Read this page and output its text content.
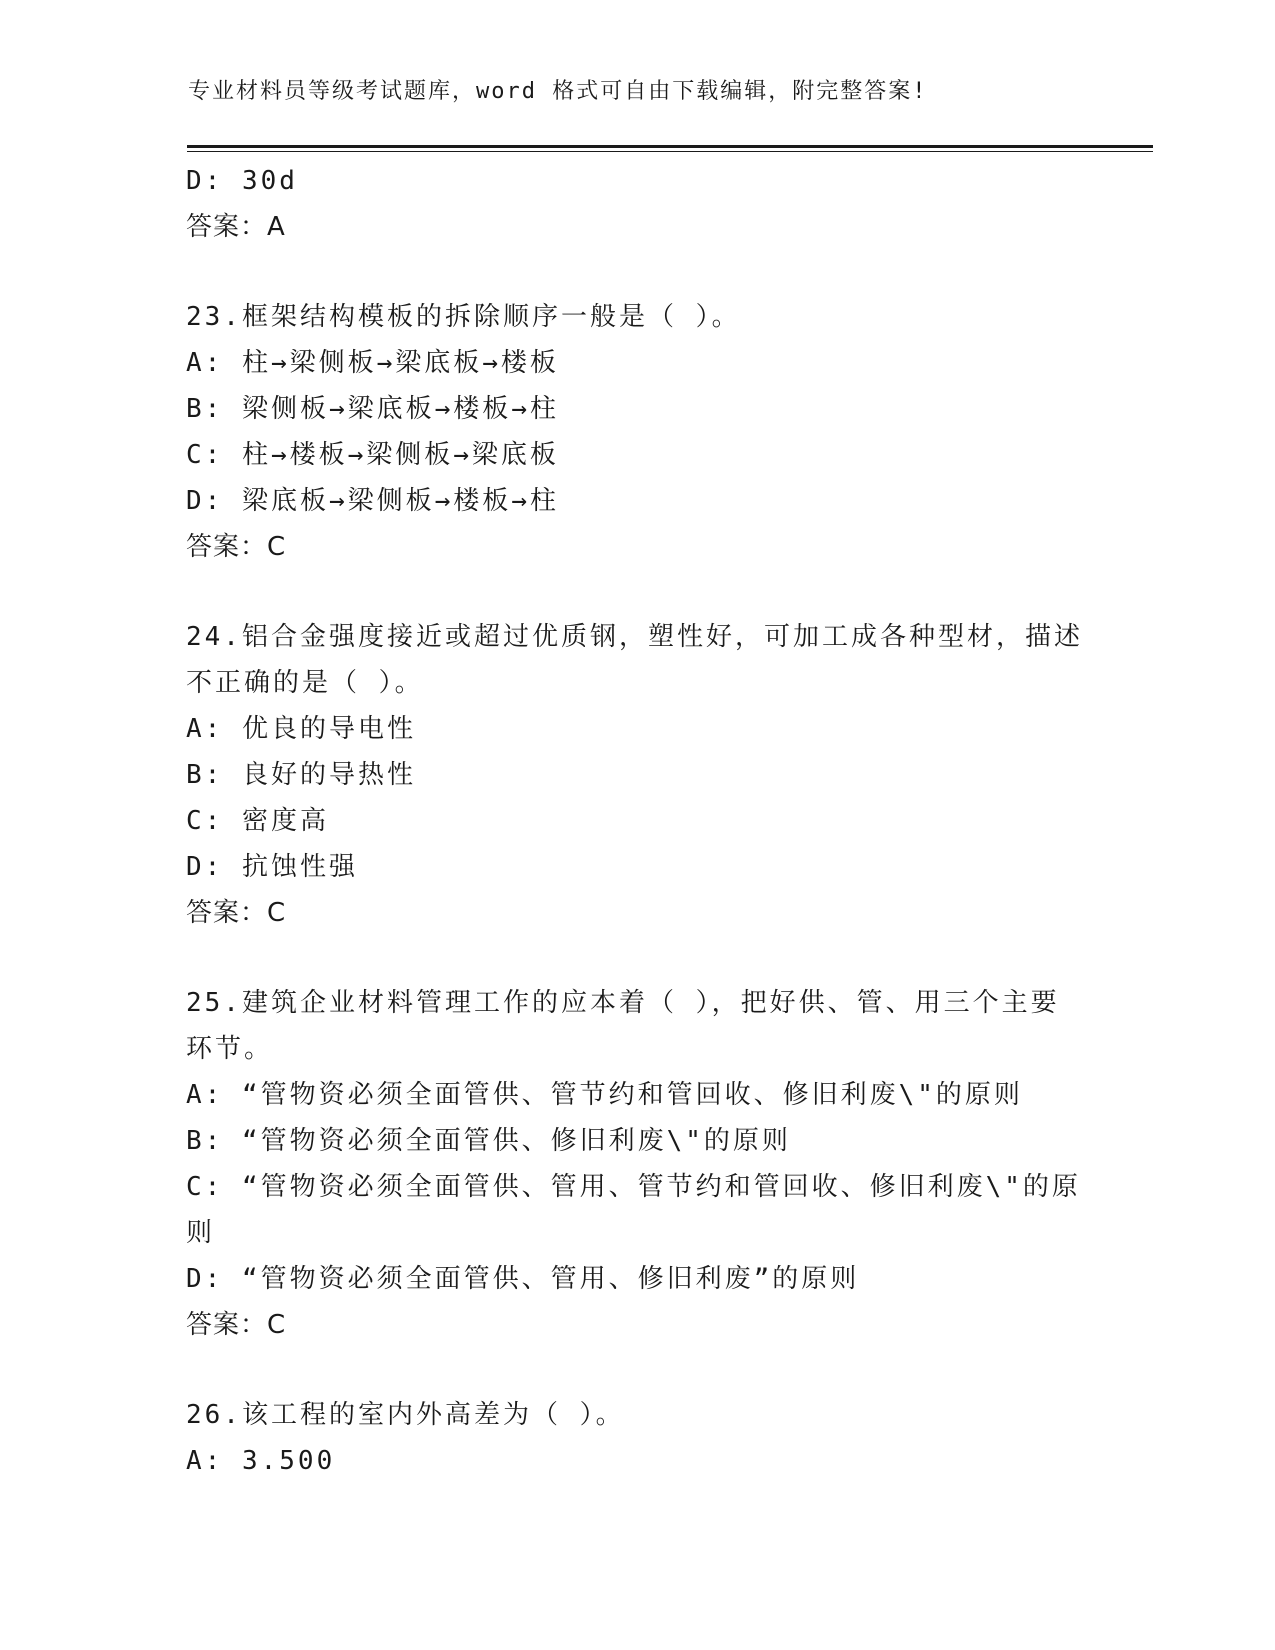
专业材料员等级考试题库，word 格式可自由下载编辑，附完整答案!
D: 30d
答案：A
23.框架结构模板的拆除顺序一般是（ ）。
A: 柱→梁侧板→梁底板→楼板
B: 梁侧板→梁底板→楼板→柱
C: 柱→楼板→梁侧板→梁底板
D: 梁底板→梁侧板→楼板→柱
答案：C
24.铝合金强度接近或超过优质钢，塑性好，可加工成各种型材，描述
不正确的是（ ）。
A: 优良的导电性
B: 良好的导热性
C: 密度高
D: 抗蚀性强
答案：C
25.建筑企业材料管理工作的应本着（ ），把好供、管、用三个主要
环节。
A: “管物资必须全面管供、管节约和管回收、修旧利废\"的原则
B: “管物资必须全面管供、修旧利废\"的原则
C: “管物资必须全面管供、管用、管节约和管回收、修旧利废\"的原
则
D: “管物资必须全面管供、管用、修旧利废”的原则
答案：C
26.该工程的室内外高差为（ ）。
A: 3.500
